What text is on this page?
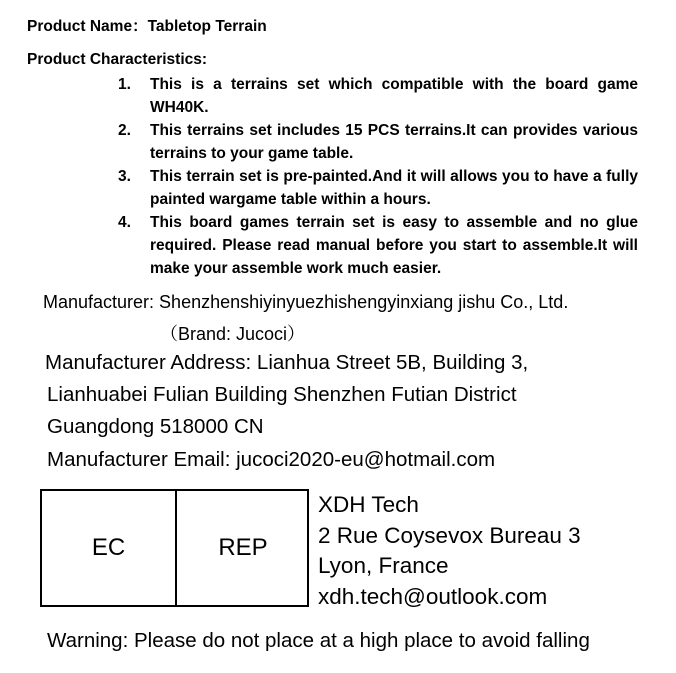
Product Name：Tabletop Terrain
Product Characteristics:
1. This is a terrains set which compatible with the board game WH40K.
2. This terrains set includes 15 PCS terrains.It can provides various terrains to your game table.
3. This terrain set is pre-painted.And it will allows you to have a fully painted wargame table within a hours.
4. This board games terrain set is easy to assemble and no glue required. Please read manual before you start to assemble.It will make your assemble work much easier.
Manufacturer: Shenzhenshiyinyuezhishengyinxiang jishu Co., Ltd.
（Brand: Jucoci）
Manufacturer Address: Lianhua Street 5B, Building 3,
Lianhuabei Fulian Building Shenzhen Futian District
Guangdong 518000 CN
Manufacturer Email: jucoci2020-eu@hotmail.com
EC	REP
XDH Tech
2 Rue Coysevox Bureau 3
Lyon, France
xdh.tech@outlook.com
Warning: Please do not place at a high place to avoid falling
